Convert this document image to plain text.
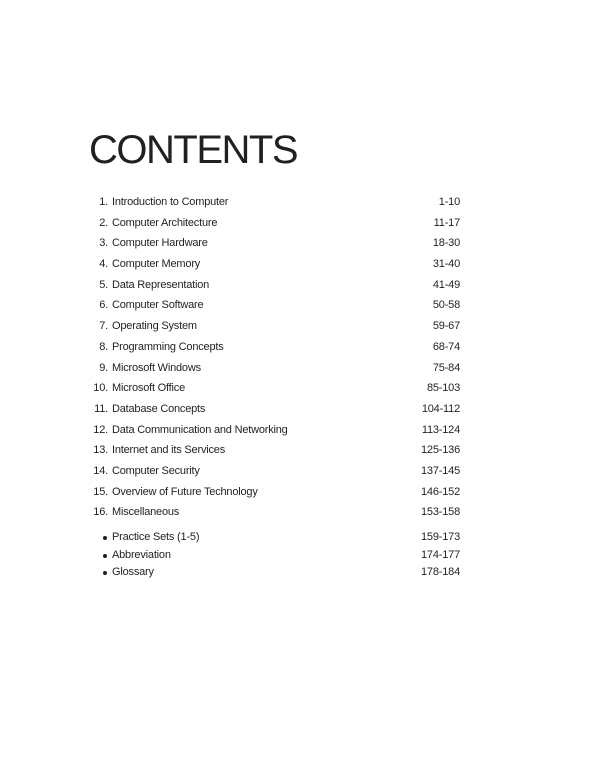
CONTENTS
1. Introduction to Computer	1-10
2. Computer Architecture	11-17
3. Computer Hardware	18-30
4. Computer Memory	31-40
5. Data Representation	41-49
6. Computer Software	50-58
7. Operating System	59-67
8. Programming Concepts	68-74
9. Microsoft Windows	75-84
10. Microsoft Office	85-103
11. Database Concepts	104-112
12. Data Communication and Networking	113-124
13. Internet and its Services	125-136
14. Computer Security	137-145
15. Overview of Future Technology	146-152
16. Miscellaneous	153-158
Practice Sets (1-5)	159-173
Abbreviation	174-177
Glossary	178-184
